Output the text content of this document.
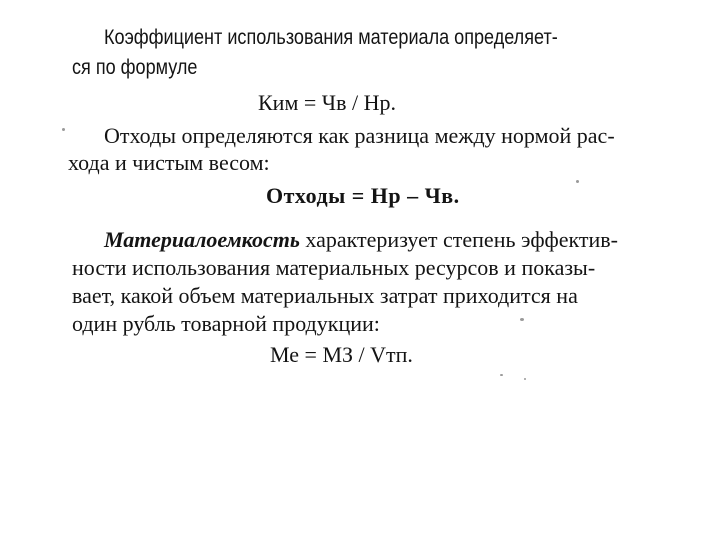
Коэффициент использования материала определяет-
ся по формуле
Ким = Чв / Нр.
Отходы определяются как разница между нормой рас-
хода и чистым весом:
Отходы = Нр – Чв.
Материалоемкость характеризует степень эффектив-
ности использования материальных ресурсов и показы-
вает, какой объем материальных затрат приходится на
один рубль товарной продукции:
Ме = МЗ / Vтп.
